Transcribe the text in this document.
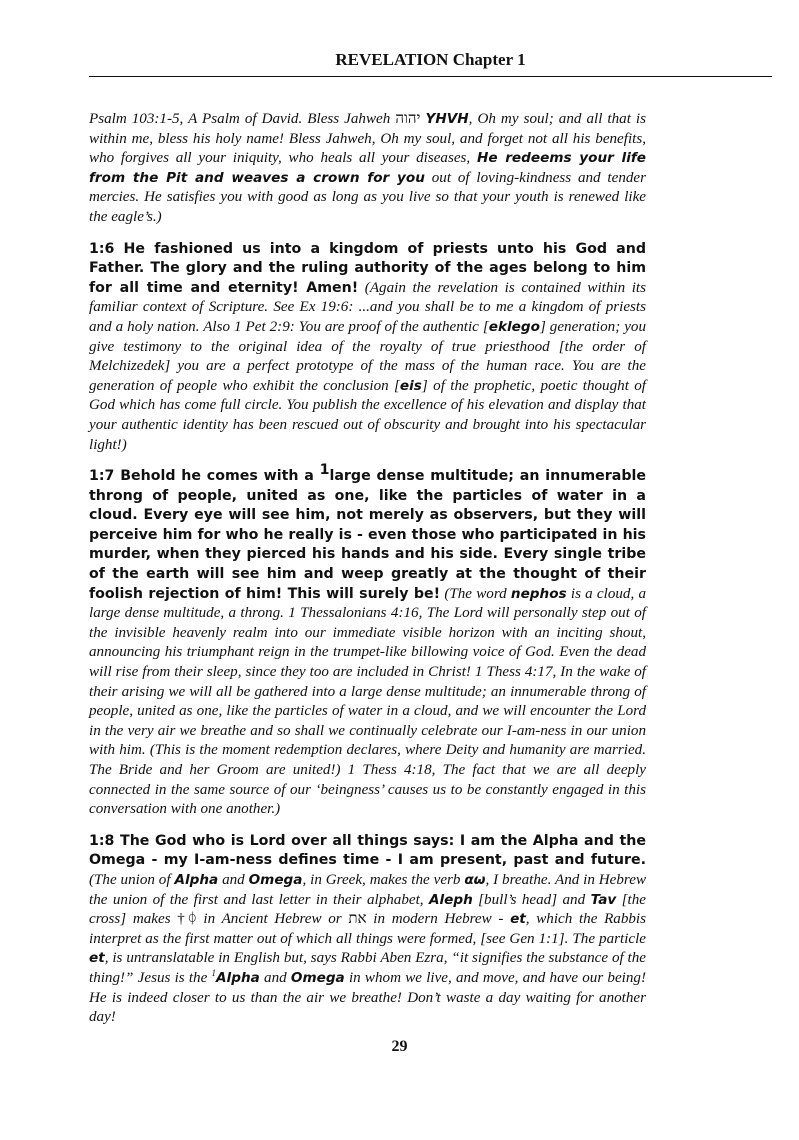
REVELATION Chapter 1

Psalm 103:1-5, A Psalm of David. Bless Jahweh יהוה YHVH, Oh my soul; and all that is within me, bless his holy name! Bless Jahweh, Oh my soul, and forget not all his benefits, who forgives all your iniquity, who heals all your diseases, He redeems your life from the Pit and weaves a crown for you out of loving-kindness and tender mercies. He satisfies you with good as long as you live so that your youth is renewed like the eagle’s.)

1:6 He fashioned us into a kingdom of priests unto his God and Father. The glory and the ruling authority of the ages belong to him for all time and eternity! Amen! (Again the revelation is contained within its familiar context of Scripture. See Ex 19:6: ...and you shall be to me a kingdom of priests and a holy nation. Also 1 Pet 2:9: You are proof of the authentic [eklego] generation; you give testimony to the original idea of the royalty of true priesthood [the order of Melchizedek] you are a perfect prototype of the mass of the human race. You are the generation of people who exhibit the conclusion [eis] of the prophetic, poetic thought of God which has come full circle. You publish the excellence of his elevation and display that your authentic identity has been rescued out of obscurity and brought into his spectacular light!)

1:7 Behold he comes with a $^1$large dense multitude; an innumerable throng of people, united as one, like the particles of water in a cloud. Every eye will see him, not merely as observers, but they will perceive him for who he really is - even those who participated in his murder, when they pierced his hands and his side. Every single tribe of the earth will see him and weep greatly at the thought of their foolish rejection of him! This will surely be! (The word nephos is a cloud, a large dense multitude, a throng. 1 Thessalonians 4:16, The Lord will personally step out of the invisible heavenly realm into our immediate visible horizon with an inciting shout, announcing his triumphant reign in the trumpet-like billowing voice of God. Even the dead will rise from their sleep, since they too are included in Christ! 1 Thess 4:17, In the wake of their arising we will all be gathered into a large dense multitude; an innumerable throng of people, united as one, like the particles of water in a cloud, and we will encounter the Lord in the very air we breathe and so shall we continually celebrate our I-am-ness in our union with him. (This is the moment redemption declares, where Deity and humanity are married. The Bride and her Groom are united!) 1 Thess 4:18, The fact that we are all deeply connected in the same source of our ‘beingness’ causes us to be constantly engaged in this conversation with one another.)

1:8 The God who is Lord over all things says: I am the Alpha and the Omega - my I-am-ness defines time - I am present, past and future. (The union of Alpha and Omega, in Greek, makes the verb αω, I breathe. And in Hebrew the union of the first and last letter in their alphabet, Aleph [bull’s head] and Tav [the cross] makes †ᛰ in Ancient Hebrew or את in modern Hebrew - et, which the Rabbis interpret as the first matter out of which all things were formed, [see Gen 1:1]. The particle et, is untranslatable in English but, says Rabbi Aben Ezra, “it signifies the substance of the thing!” Jesus is the $^1$Alpha and Omega in whom we live, and move, and have our being! He is indeed closer to us than the air we breathe! Don’t waste a day waiting for another day!

29
